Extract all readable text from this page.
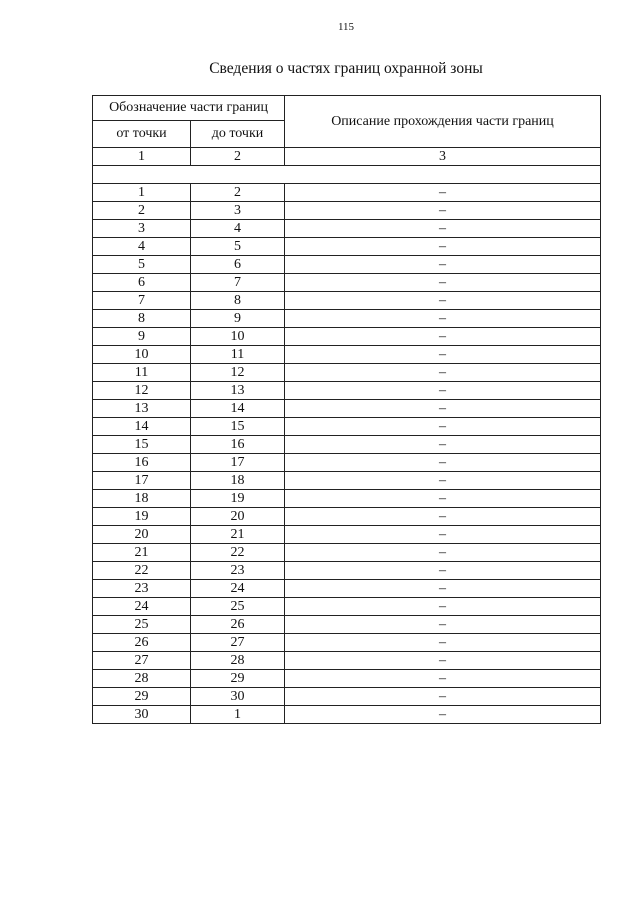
115
Сведения о частях границ охранной зоны
Обозначение части границ		Описание прохождения части границ
от точки	до точки	
1	2	3

1	2	–
2	3	–
3	4	–
4	5	–
5	6	–
6	7	–
7	8	–
8	9	–
9	10	–
10	11	–
11	12	–
12	13	–
13	14	–
14	15	–
15	16	–
16	17	–
17	18	–
18	19	–
19	20	–
20	21	–
21	22	–
22	23	–
23	24	–
24	25	–
25	26	–
26	27	–
27	28	–
28	29	–
29	30	–
30	1	–
